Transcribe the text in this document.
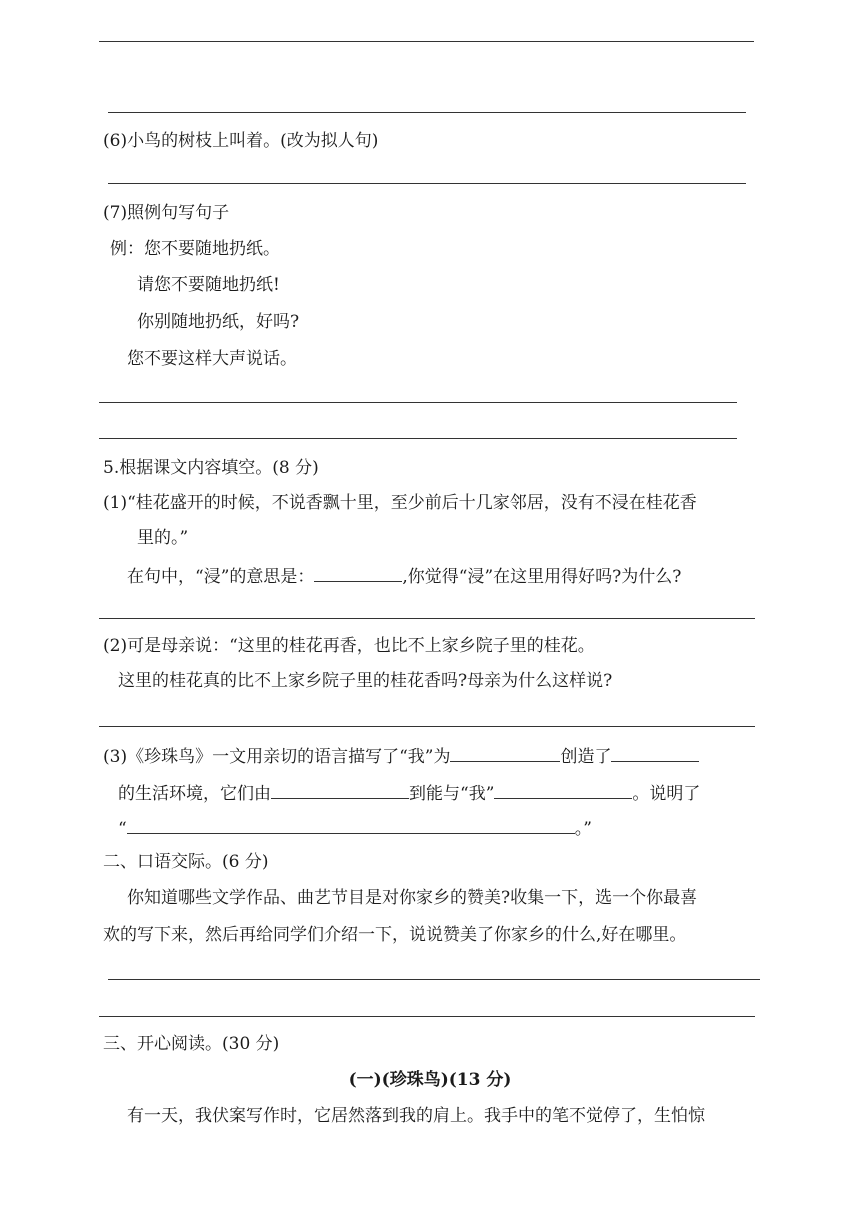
(6)小鸟的树枝上叫着。(改为拟人句)
(7)照例句写句子
例：您不要随地扔纸。
请您不要随地扔纸!
你别随地扔纸，好吗?
您不要这样大声说话。
5.根据课文内容填空。(8 分)
(1)“桂花盛开的时候，不说香飘十里，至少前后十几家邻居，没有不浸在桂花香
里的。”
在句中，“浸”的意思是：	,你觉得“浸”在这里用得好吗?为什么?
(2)可是母亲说：“这里的桂花再香，也比不上家乡院子里的桂花。
这里的桂花真的比不上家乡院子里的桂花香吗?母亲为什么这样说?
(3)《珍珠鸟》一文用亲切的语言描写了“我”为	创造了
的生活环境，它们由	到能与“我”	。说明了
“	。”
二、口语交际。(6 分)
你知道哪些文学作品、曲艺节目是对你家乡的赞美?收集一下，选一个你最喜
欢的写下来，然后再给同学们介绍一下，说说赞美了你家乡的什么,好在哪里。
三、开心阅读。(30 分)
(一)(珍珠鸟)(13 分)
有一天，我伏案写作时，它居然落到我的肩上。我手中的笔不觉停了，生怕惊
